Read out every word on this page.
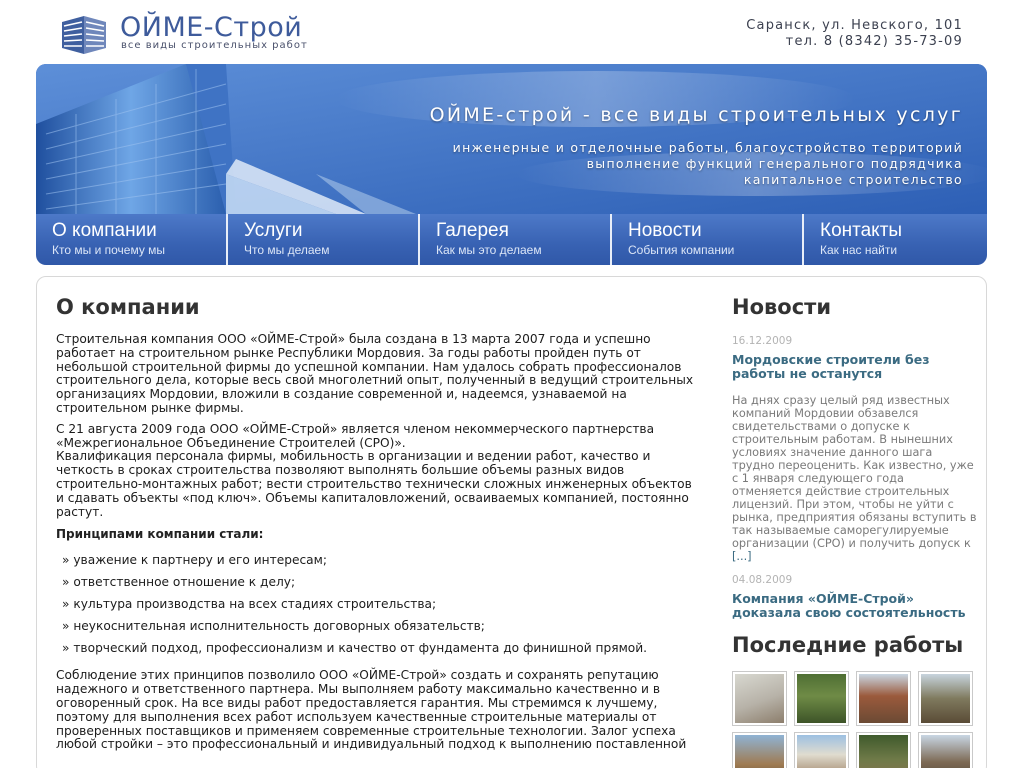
ОЙМЕ-Строй
все виды строительных работ
Саранск, ул. Невского, 101
тел. 8 (8342) 35-73-09
ОЙМЕ-строй - все виды строительных услуг
инженерные и отделочные работы, благоустройство территорий
выполнение функций генерального подрядчика
капитальное строительство
О компании
Кто мы и почему мы
Услуги
Что мы делаем
Галерея
Как мы это делаем
Новости
События компании
Контакты
Как нас найти
О компании

Строительная компания ООО «ОЙМЕ-Строй» была создана в 13 марта 2007 года и успешно работает на строительном рынке Республики Мордовия. За годы работы пройден путь от небольшой строительной фирмы до успешной компании. Нам удалось собрать профессионалов строительного дела, которые весь свой многолетний опыт, полученный в ведущий строительных организациях Мордовии, вложили в создание современной и, надеемся, узнаваемой на строительном рынке фирмы.

С 21 августа 2009 года ООО «ОЙМЕ-Строй» является членом некоммерческого партнерства «Межрегиональное Объединение Строителей (СРО)».

Квалификация персонала фирмы, мобильность в организации и ведении работ, качество и четкость в сроках строительства позволяют выполнять большие объемы разных видов строительно-монтажных работ; вести строительство технически сложных инженерных объектов и сдавать объекты «под ключ». Объемы капиталовложений, осваиваемых компанией, постоянно растут.

Принципами компании стали:
» уважение к партнеру и его интересам;
» ответственное отношение к делу;
» культура производства на всех стадиях строительства;
» неукоснительная исполнительность договорных обязательств;
» творческий подход, профессионализм и качество от фундамента до финишной прямой.

Соблюдение этих принципов позволило ООО «ОЙМЕ-Строй» создать и сохранять репутацию надежного и ответственного партнера. Мы выполняем работу максимально качественно и в оговоренный срок. На все виды работ предоставляется гарантия. Мы стремимся к лучшему, поэтому для выполнения всех работ используем качественные строительные материалы от проверенных поставщиков и применяем современные строительные технологии. Залог успеха любой стройки – это профессиональный и индивидуальный подход к выполнению поставленной

Новости
16.12.2009
Мордовские строители без работы не останутся
На днях сразу целый ряд известных компаний Мордовии обзавелся свидетельствами о допуске к строительным работам. В нынешних условиях значение данного шага трудно переоценить. Как известно, уже с 1 января следующего года отменяется действие строительных лицензий. При этом, чтобы не уйти с рынка, предприятия обязаны вступить в так называемые саморегулируемые организации (СРО) и получить допуск к [...]
04.08.2009
Компания «ОЙМЕ-Строй» доказала свою состоятельность
Последние работы
